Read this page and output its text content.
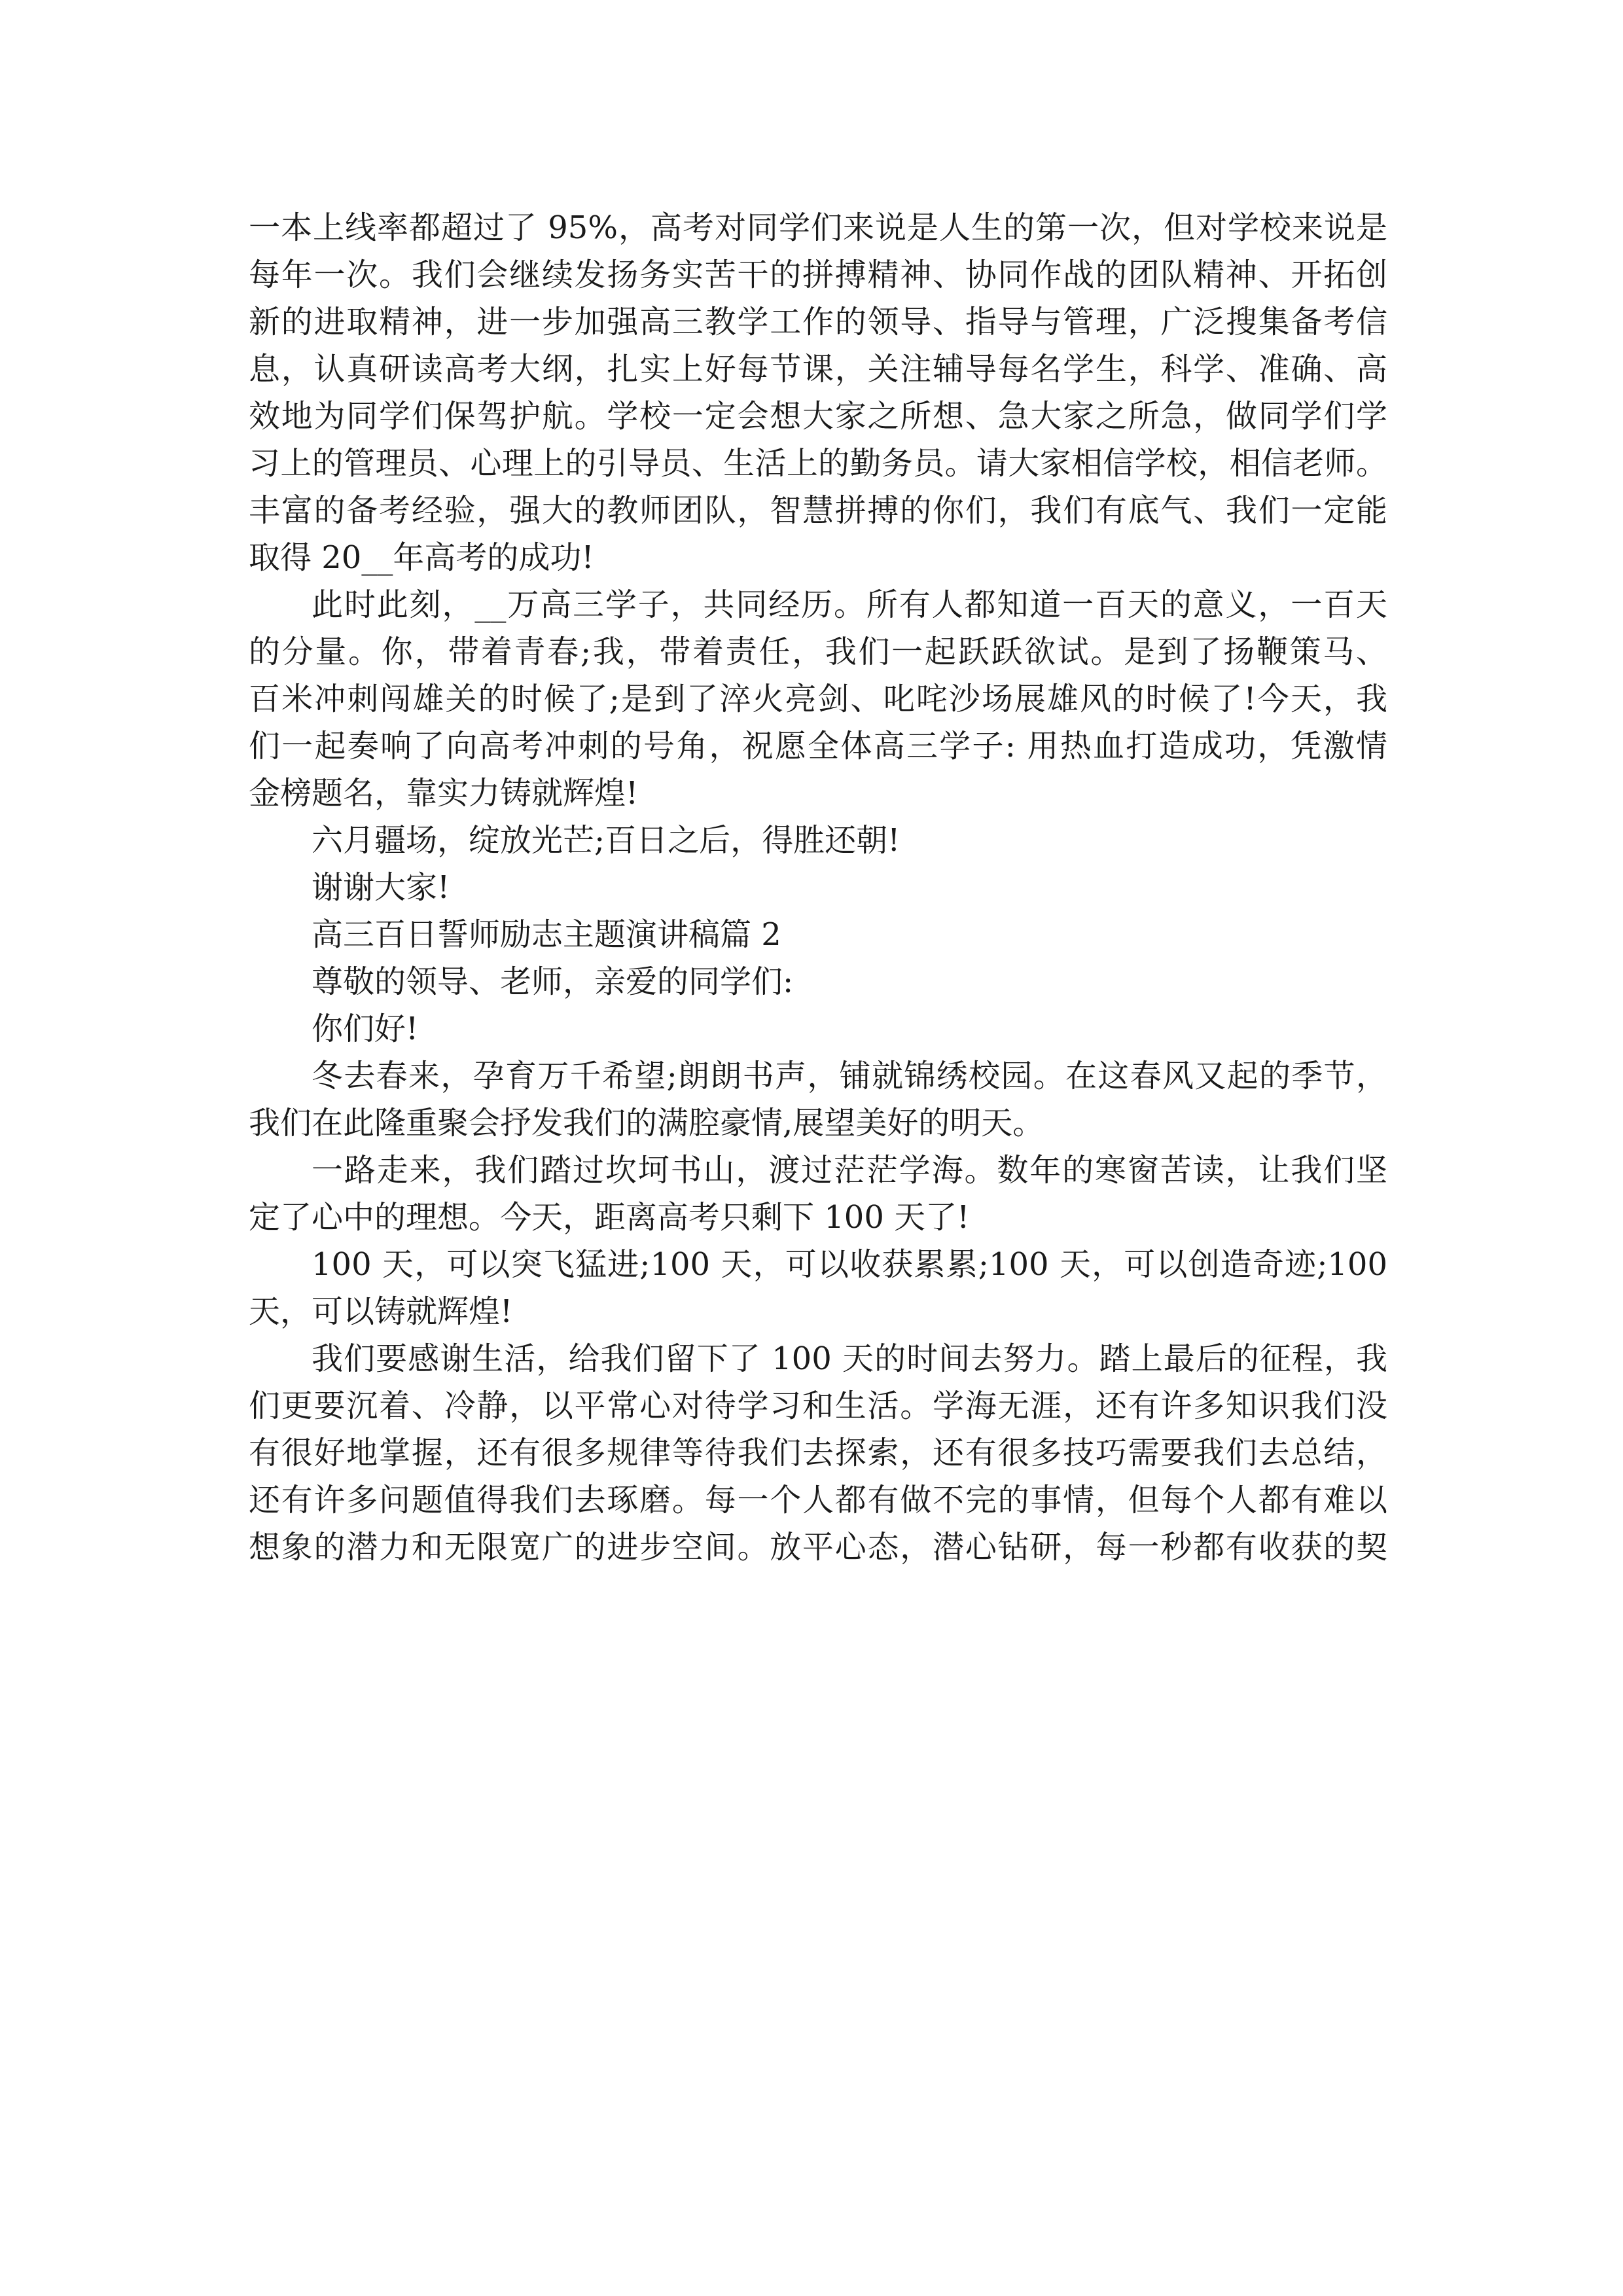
一本上线率都超过了 95%，高考对同学们来说是人生的第一次，但对学校来说是
每年一次。我们会继续发扬务实苦干的拼搏精神、协同作战的团队精神、开拓创
新的进取精神，进一步加强高三教学工作的领导、指导与管理，广泛搜集备考信
息，认真研读高考大纲，扎实上好每节课，关注辅导每名学生，科学、准确、高
效地为同学们保驾护航。学校一定会想大家之所想、急大家之所急，做同学们学
习上的管理员、心理上的引导员、生活上的勤务员。请大家相信学校，相信老师。
丰富的备考经验，强大的教师团队，智慧拼搏的你们，我们有底气、我们一定能
取得 20__年高考的成功!
此时此刻，__万高三学子，共同经历。所有人都知道一百天的意义，一百天
的分量。你，带着青春;我，带着责任，我们一起跃跃欲试。是到了扬鞭策马、
百米冲刺闯雄关的时候了;是到了淬火亮剑、叱咤沙场展雄风的时候了!今天，我
们一起奏响了向高考冲刺的号角，祝愿全体高三学子: 用热血打造成功，凭激情
金榜题名，靠实力铸就辉煌!
六月疆场，绽放光芒;百日之后，得胜还朝!
谢谢大家!
高三百日誓师励志主题演讲稿篇 2
尊敬的领导、老师，亲爱的同学们:
你们好!
冬去春来，孕育万千希望;朗朗书声，铺就锦绣校园。在这春风又起的季节，
我们在此隆重聚会抒发我们的满腔豪情,展望美好的明天。
一路走来，我们踏过坎坷书山，渡过茫茫学海。数年的寒窗苦读，让我们坚
定了心中的理想。今天，距离高考只剩下 100 天了!
100 天，可以突飞猛进;100 天，可以收获累累;100 天，可以创造奇迹;100
天，可以铸就辉煌!
我们要感谢生活，给我们留下了 100 天的时间去努力。踏上最后的征程，我
们更要沉着、冷静，以平常心对待学习和生活。学海无涯，还有许多知识我们没
有很好地掌握，还有很多规律等待我们去探索，还有很多技巧需要我们去总结，
还有许多问题值得我们去琢磨。每一个人都有做不完的事情，但每个人都有难以
想象的潜力和无限宽广的进步空间。放平心态，潜心钻研，每一秒都有收获的契
